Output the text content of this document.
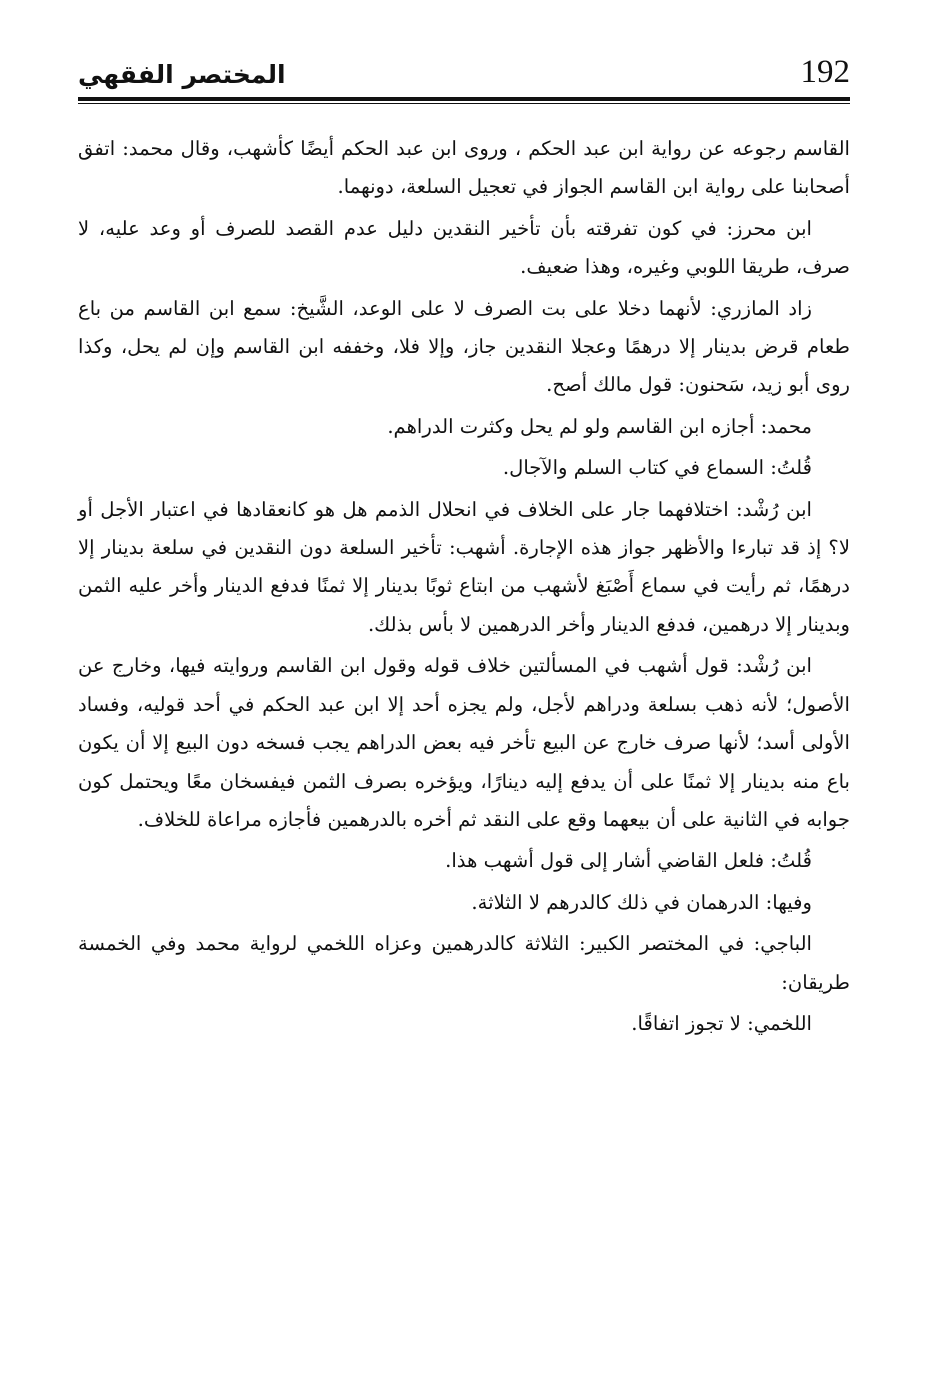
192
المختصر الفقهي

القاسم رجوعه عن رواية ابن عبد الحكم ، وروى ابن عبد الحكم أيضًا كأشهب، وقال محمد: اتفق أصحابنا على رواية ابن القاسم الجواز في تعجيل السلعة، دونهما.

ابن محرز: في كون تفرقته بأن تأخير النقدين دليل عدم القصد للصرف أو وعد عليه، لا صرف، طريقا اللوبي وغيره، وهذا ضعيف.

زاد المازري: لأنهما دخلا على بت الصرف لا على الوعد، الشَّيخ: سمع ابن القاسم من باع طعام قرض بدينار إلا درهمًا وعجلا النقدين جاز، وإلا فلا، وخففه ابن القاسم وإن لم يحل، وكذا روى أبو زيد، سَحنون: قول مالك أصح.

محمد: أجازه ابن القاسم ولو لم يحل وكثرت الدراهم.

قُلتُ: السماع في كتاب السلم والآجال.

ابن رُشْد: اختلافهما جار على الخلاف في انحلال الذمم هل هو كانعقادها في اعتبار الأجل أو لا؟ إذ قد تبارءا والأظهر جواز هذه الإجارة. أشهب: تأخير السلعة دون النقدين في سلعة بدينار إلا درهمًا، ثم رأيت في سماع أَصْبَغ لأشهب من ابتاع ثوبًا بدينار إلا ثمنًا فدفع الدينار وأخر عليه الثمن وبدينار إلا درهمين، فدفع الدينار وأخر الدرهمين لا بأس بذلك.

ابن رُشْد: قول أشهب في المسألتين خلاف قوله وقول ابن القاسم وروايته فيها، وخارج عن الأصول؛ لأنه ذهب بسلعة ودراهم لأجل، ولم يجزه أحد إلا ابن عبد الحكم في أحد قوليه، وفساد الأولى أسد؛ لأنها صرف خارج عن البيع تأخر فيه بعض الدراهم يجب فسخه دون البيع إلا أن يكون باع منه بدينار إلا ثمنًا على أن يدفع إليه دينارًا، ويؤخره بصرف الثمن فيفسخان معًا ويحتمل كون جوابه في الثانية على أن بيعهما وقع على النقد ثم أخره بالدرهمين فأجازه مراعاة للخلاف.

قُلتُ: فلعل القاضي أشار إلى قول أشهب هذا.

وفيها: الدرهمان في ذلك كالدرهم لا الثلاثة.

الباجي: في المختصر الكبير: الثلاثة كالدرهمين وعزاه اللخمي لرواية محمد وفي الخمسة طريقان:

اللخمي: لا تجوز اتفاقًا.
